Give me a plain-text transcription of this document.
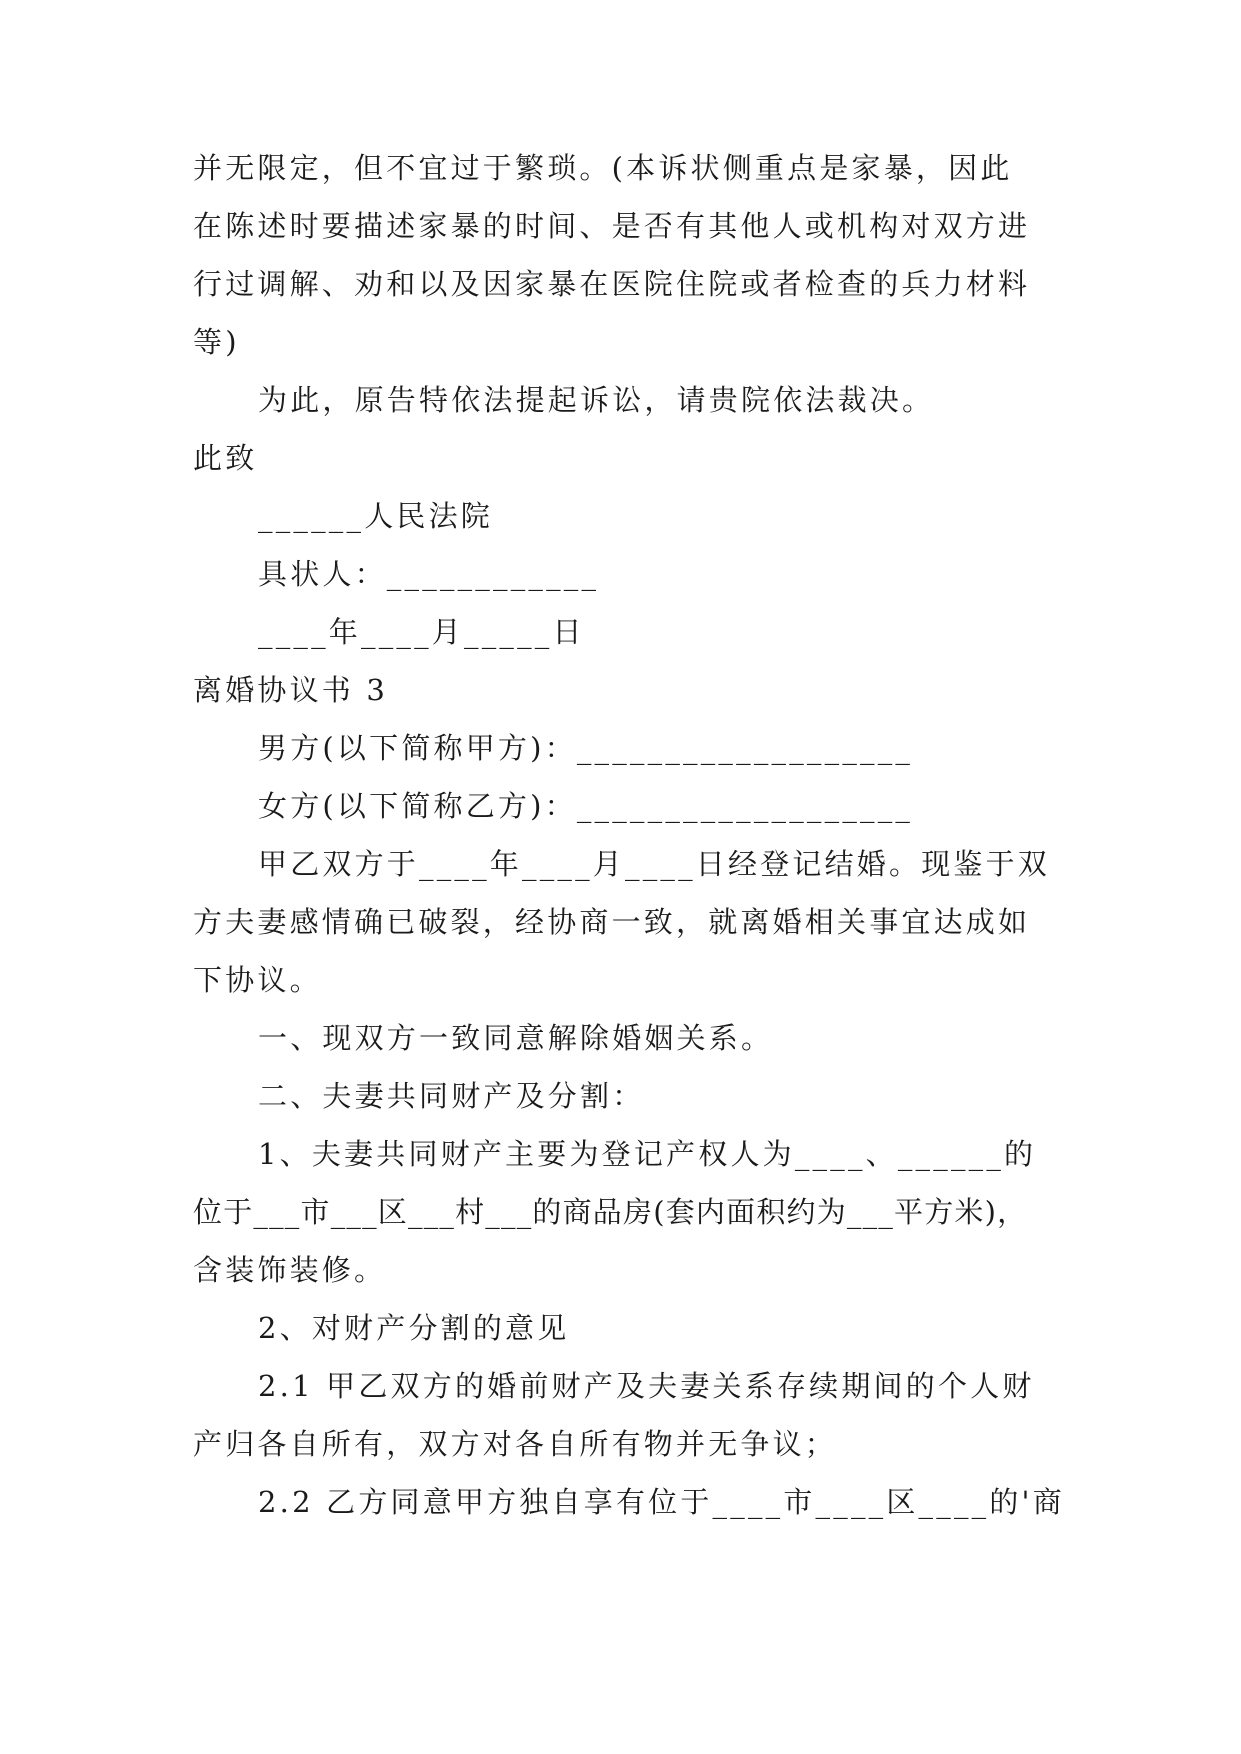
并无限定，但不宜过于繁琐。(本诉状侧重点是家暴，因此
在陈述时要描述家暴的时间、是否有其他人或机构对双方进
行过调解、劝和以及因家暴在医院住院或者检查的兵力材料
等)
为此，原告特依法提起诉讼，请贵院依法裁决。
此致
______人民法院
具状人：____________
____年____月_____日
离婚协议书 3
男方(以下简称甲方)：___________________
女方(以下简称乙方)：___________________
甲乙双方于____年____月____日经登记结婚。现鉴于双
方夫妻感情确已破裂，经协商一致，就离婚相关事宜达成如
下协议。
一、现双方一致同意解除婚姻关系。
二、夫妻共同财产及分割：
1、夫妻共同财产主要为登记产权人为____、______的
位于___市___区___村___的商品房(套内面积约为___平方米)，
含装饰装修。
2、对财产分割的意见
2.1 甲乙双方的婚前财产及夫妻关系存续期间的个人财
产归各自所有，双方对各自所有物并无争议；
2.2 乙方同意甲方独自享有位于____市____区____的'商
